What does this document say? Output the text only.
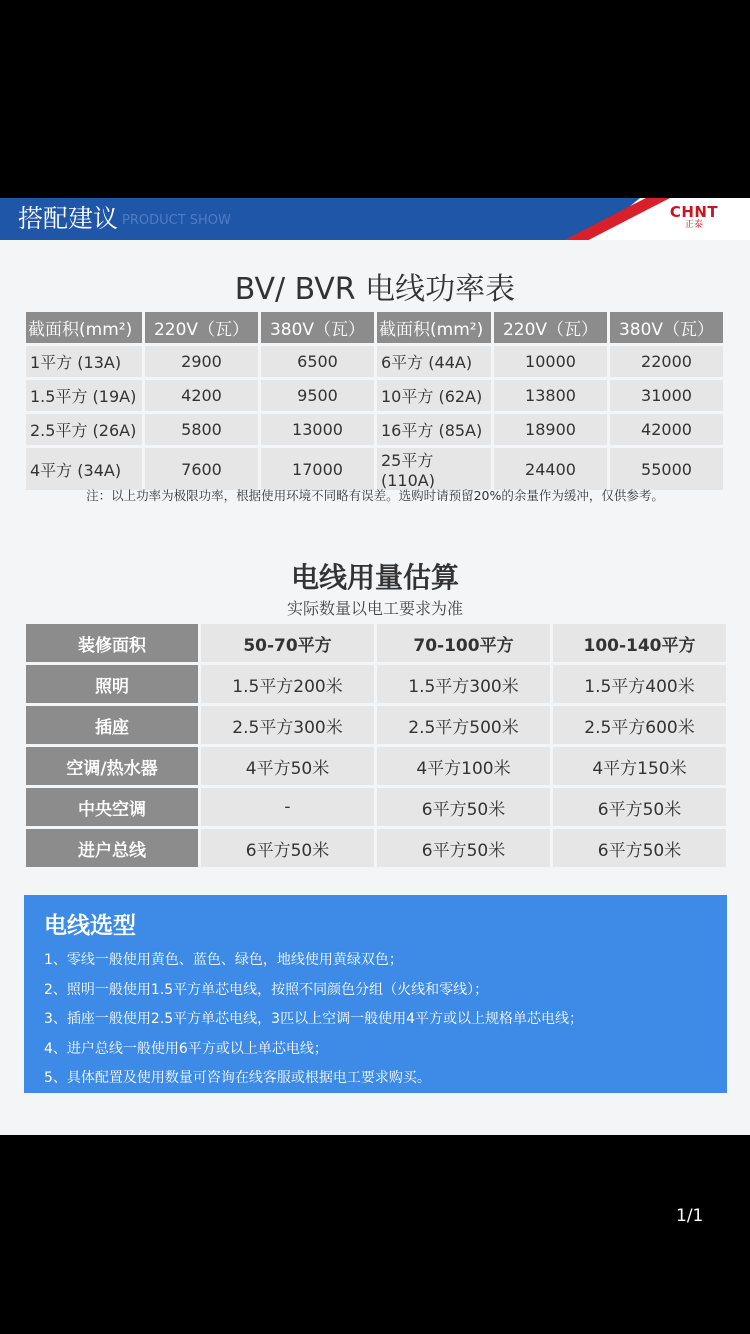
搭配建议 PRODUCT SHOW	CHNT
正泰
BV/ BVR 电线功率表
截面积(mm²)	220V（瓦）	380V（瓦）	截面积(mm²)	220V（瓦）	380V（瓦）
1平方 (13A)	2900	6500	6平方 (44A)	10000	22000
1.5平方 (19A)	4200	9500	10平方 (62A)	13800	31000
2.5平方 (26A)	5800	13000	16平方 (85A)	18900	42000
4平方 (34A)	7600	17000	25平方 (110A)	24400	55000
注：以上功率为极限功率，根据使用环境不同略有误差。选购时请预留20%的余量作为缓冲，仅供参考。
电线用量估算
实际数量以电工要求为准
装修面积	50-70平方	70-100平方	100-140平方
照明	1.5平方200米	1.5平方300米	1.5平方400米
插座	2.5平方300米	2.5平方500米	2.5平方600米
空调/热水器	4平方50米	4平方100米	4平方150米
中央空调	-	6平方50米	6平方50米
进户总线	6平方50米	6平方50米	6平方50米
电线选型
1、零线一般使用黄色、蓝色、绿色，地线使用黄绿双色；
2、照明一般使用1.5平方单芯电线，按照不同颜色分组（火线和零线）；
3、插座一般使用2.5平方单芯电线，3匹以上空调一般使用4平方或以上规格单芯电线；
4、进户总线一般使用6平方或以上单芯电线；
5、具体配置及使用数量可咨询在线客服或根据电工要求购买。
1/1
